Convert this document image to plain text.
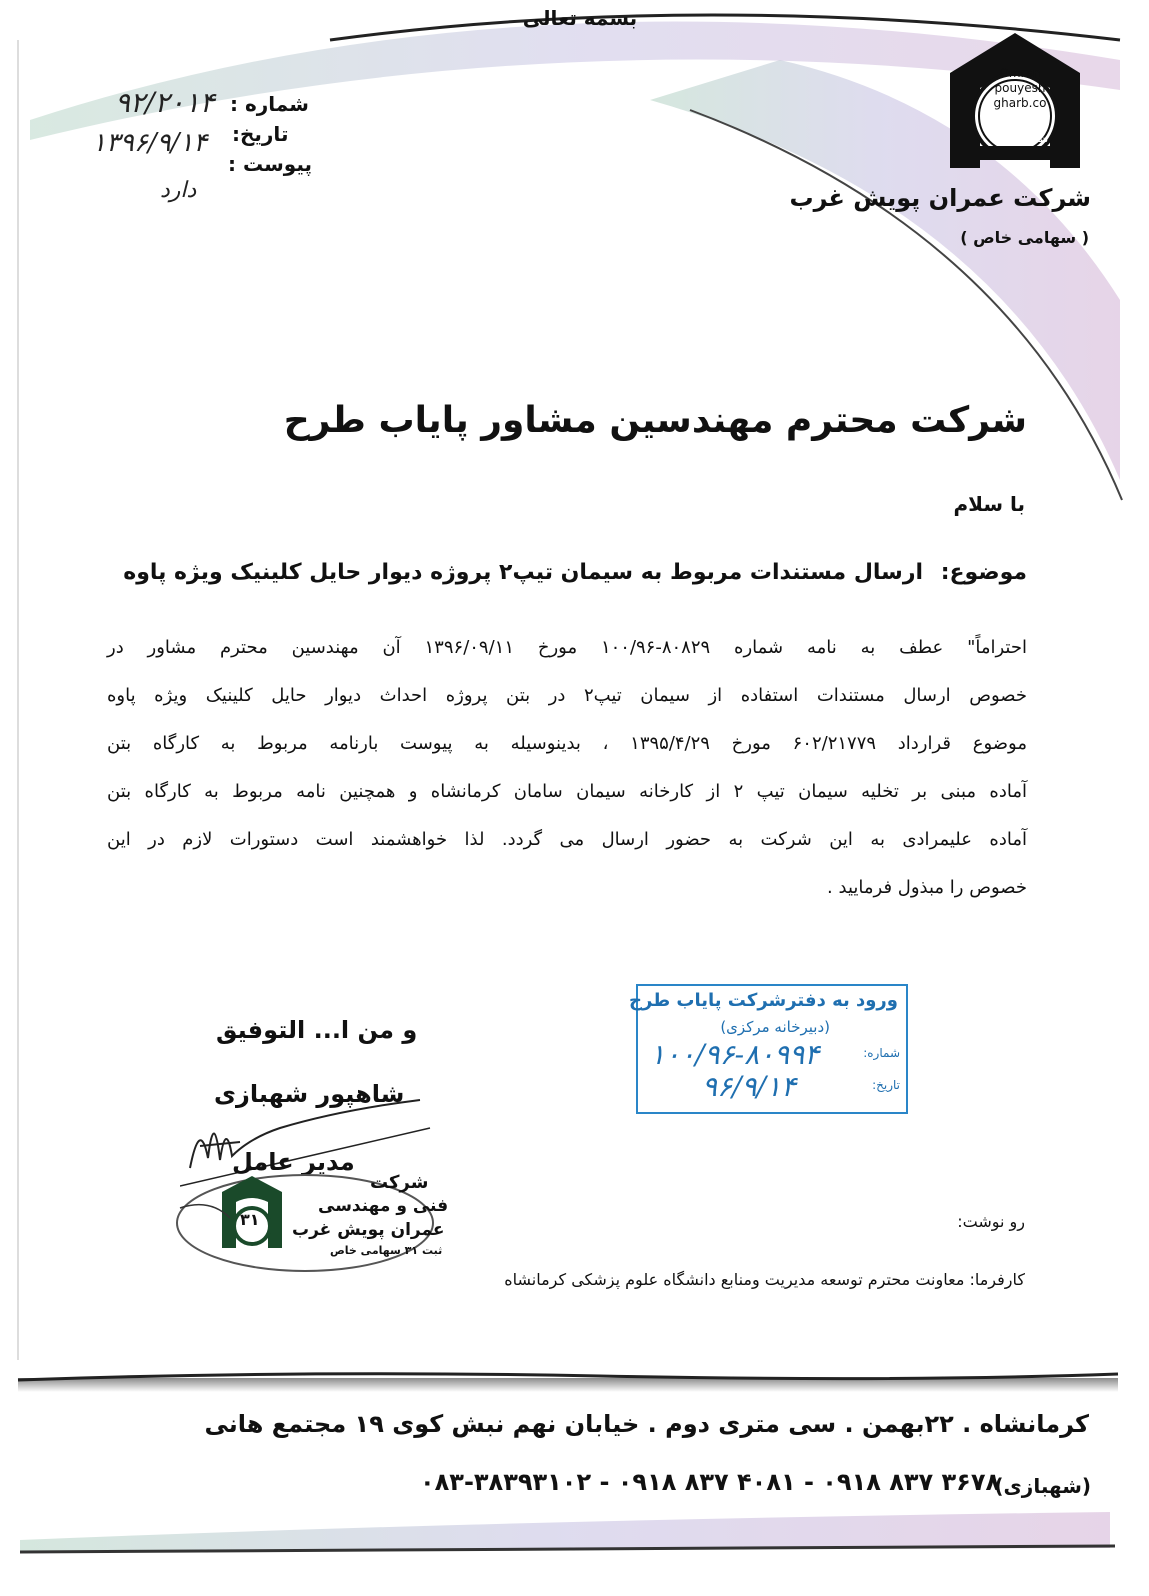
بسمه تعالی
Omran
pouyesh
gharb.co
شماره ثبت ۳۱
شرکت عمران پویش غرب
( سهامی خاص )
شماره :
تاریخ:
پیوست :
۹۲/۲۰۱۴
۱۳۹۶/۹/۱۴
دارد
شرکت محترم مهندسین مشاور پایاب طرح
با سلام
موضوع: ارسال مستندات مربوط به سیمان تیپ۲ پروژه دیوار حایل کلینیک ویژه پاوه
احتراماً" عطف به نامه شماره ۸۰۸۲۹-۱۰۰/۹۶ مورخ ۱۳۹۶/۰۹/۱۱ آن مهندسین محترم مشاور در
خصوص ارسال مستندات استفاده از سیمان تیپ۲ در بتن پروژه احداث دیوار حایل کلینیک ویژه پاوه
موضوع قرارداد ۶۰۲/۲۱۷۷۹ مورخ ۱۳۹۵/۴/۲۹ ، بدینوسیله به پیوست بارنامه مربوط به کارگاه بتن
آماده مبنی بر تخلیه سیمان تیپ ۲ از کارخانه سیمان سامان کرمانشاه و همچنین نامه مربوط به کارگاه بتن
آماده علیمرادی به این شرکت به حضور ارسال می گردد. لذا خواهشمند است دستورات لازم در این
خصوص را مبذول فرمایید .
و من ا... التوفیق
شاهپور شهبازی
مدیر عامل
۳۱
شرکت
فنی و مهندسی
عمران پویش غرب
ثبت ۳۱ سهامی خاص
ورود به دفترشرکت پایاب طرح
(دبیرخانه مرکزی)
شماره:
تاریخ:
۱۰۰/۹۶-۸۰۹۹۴
۹۶/۹/۱۴
رو نوشت:
کارفرما: معاونت محترم توسعه مدیریت ومنابع دانشگاه علوم پزشکی کرمانشاه
کرمانشاه . ۲۲بهمن . سی متری دوم . خیابان نهم نبش کوی ۱۹ مجتمع هانی
۰۸۳-۳۸۳۹۳۱۰۲ - ۰۹۱۸ ۸۳۷ ۴۰۸۱ - ۰۹۱۸ ۸۳۷ ۳۶۷۸
(شهبازی)
